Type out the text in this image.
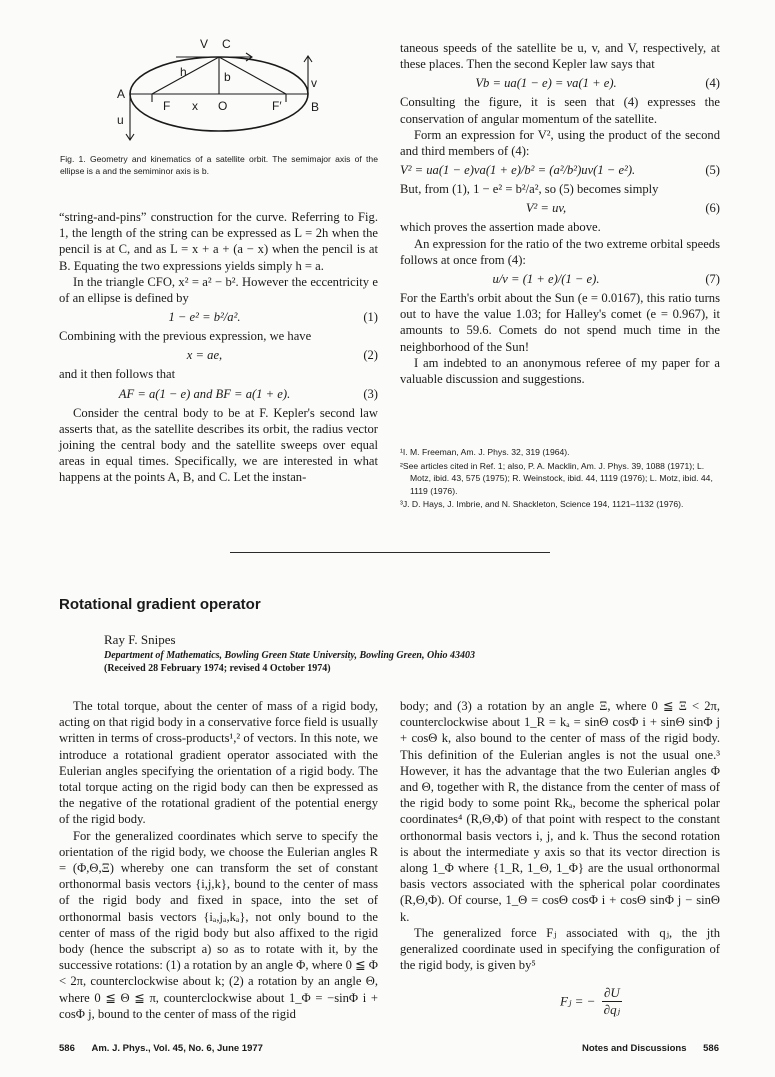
V C
A
B
h	b
F x O	F′
v
u
Fig. 1. Geometry and kinematics of a satellite orbit. The semimajor axis of the ellipse is a and the semiminor axis is b.

“string-and-pins” construction for the curve. Referring to Fig. 1, the length of the string can be expressed as L = 2h when the pencil is at C, and as L = x + a + (a − x) when the pencil is at B. Equating the two expressions yields simply h = a.

In the triangle CFO, x² = a² − b². However the eccentricity e of an ellipse is defined by

1 − e² = b²/a².	(1)

Combining with the previous expression, we have

x = ae,	(2)

and it then follows that

AF = a(1 − e) and BF = a(1 + e).	(3)

Consider the central body to be at F. Kepler's second law asserts that, as the satellite describes its orbit, the radius vector joining the central body and the satellite sweeps over equal areas in equal times. Specifically, we are interested in what happens at the points A, B, and C. Let the instan-

taneous speeds of the satellite be u, v, and V, respectively, at these places. Then the second Kepler law says that

Vb = ua(1 − e) = va(1 + e).	(4)

Consulting the figure, it is seen that (4) expresses the conservation of angular momentum of the satellite.

Form an expression for V², using the product of the second and third members of (4):

V² = ua(1 − e)va(1 + e)/b² = (a²/b²)uv(1 − e²).	(5)

But, from (1), 1 − e² = b²/a², so (5) becomes simply

V² = uv,	(6)

which proves the assertion made above.

An expression for the ratio of the two extreme orbital speeds follows at once from (4):

u/v = (1 + e)/(1 − e).	(7)

For the Earth's orbit about the Sun (e = 0.0167), this ratio turns out to have the value 1.03; for Halley's comet (e = 0.967), it amounts to 59.6. Comets do not spend much time in the neighborhood of the Sun!

I am indebted to an anonymous referee of my paper for a valuable discussion and suggestions.

¹I. M. Freeman, Am. J. Phys. 32, 319 (1964).
²See articles cited in Ref. 1; also, P. A. Macklin, Am. J. Phys. 39, 1088 (1971); L. Motz, ibid. 43, 575 (1975); R. Weinstock, ibid. 44, 1119 (1976); L. Motz, ibid. 44, 1119 (1976).
³J. D. Hays, J. Imbrie, and N. Shackleton, Science 194, 1121–1132 (1976).
Rotational gradient operator
Ray F. Snipes
Department of Mathematics, Bowling Green State University, Bowling Green, Ohio 43403
(Received 28 February 1974; revised 4 October 1974)

The total torque, about the center of mass of a rigid body, acting on that rigid body in a conservative force field is usually written in terms of cross-products¹,² of vectors. In this note, we introduce a rotational gradient operator associated with the Eulerian angles specifying the orientation of a rigid body. The total torque acting on the rigid body can then be expressed as the negative of the rotational gradient of the potential energy of the rigid body.

For the generalized coordinates which serve to specify the orientation of the rigid body, we choose the Eulerian angles R = (Φ,Θ,Ξ) whereby one can transform the set of constant orthonormal basis vectors {i,j,k}, bound to the center of mass of the rigid body and fixed in space, into the set of orthonormal basis vectors {iₐ,jₐ,kₐ}, not only bound to the center of mass of the rigid body but also affixed to the rigid body (hence the subscript a) so as to rotate with it, by the successive rotations: (1) a rotation by an angle Φ, where 0 ≦ Φ < 2π, counterclockwise about k; (2) a rotation by an angle Θ, where 0 ≦ Θ ≦ π, counterclockwise about 1_Φ = −sinΦ i + cosΦ j, bound to the center of mass of the rigid

body; and (3) a rotation by an angle Ξ, where 0 ≦ Ξ < 2π, counterclockwise about 1_R = kₐ = sinΘ cosΦ i + sinΘ sinΦ j + cosΘ k, also bound to the center of mass of the rigid body. This definition of the Eulerian angles is not the usual one.³ However, it has the advantage that the two Eulerian angles Φ and Θ, together with R, the distance from the center of mass of the rigid body to some point Rkₐ, become the spherical polar coordinates⁴ (R,Θ,Φ) of that point with respect to the constant orthonormal basis vectors i, j, and k. Thus the second rotation is about the intermediate y axis so that its vector direction is along 1_Φ where {1_R, 1_Θ, 1_Φ} are the usual orthonormal basis vectors associated with the spherical polar coordinates (R,Θ,Φ). Of course, 1_Θ = cosΘ cosΦ i + cosΘ sinΦ j − sinΘ k.

The generalized force Fⱼ associated with qⱼ, the jth generalized coordinate used in specifying the configuration of the rigid body, is given by⁵

Fⱼ = − $\frac{\partial U}{\text{∂qⱼ}}$
586 Am. J. Phys., Vol. 45, No. 6, June 1977	Notes and Discussions 586
